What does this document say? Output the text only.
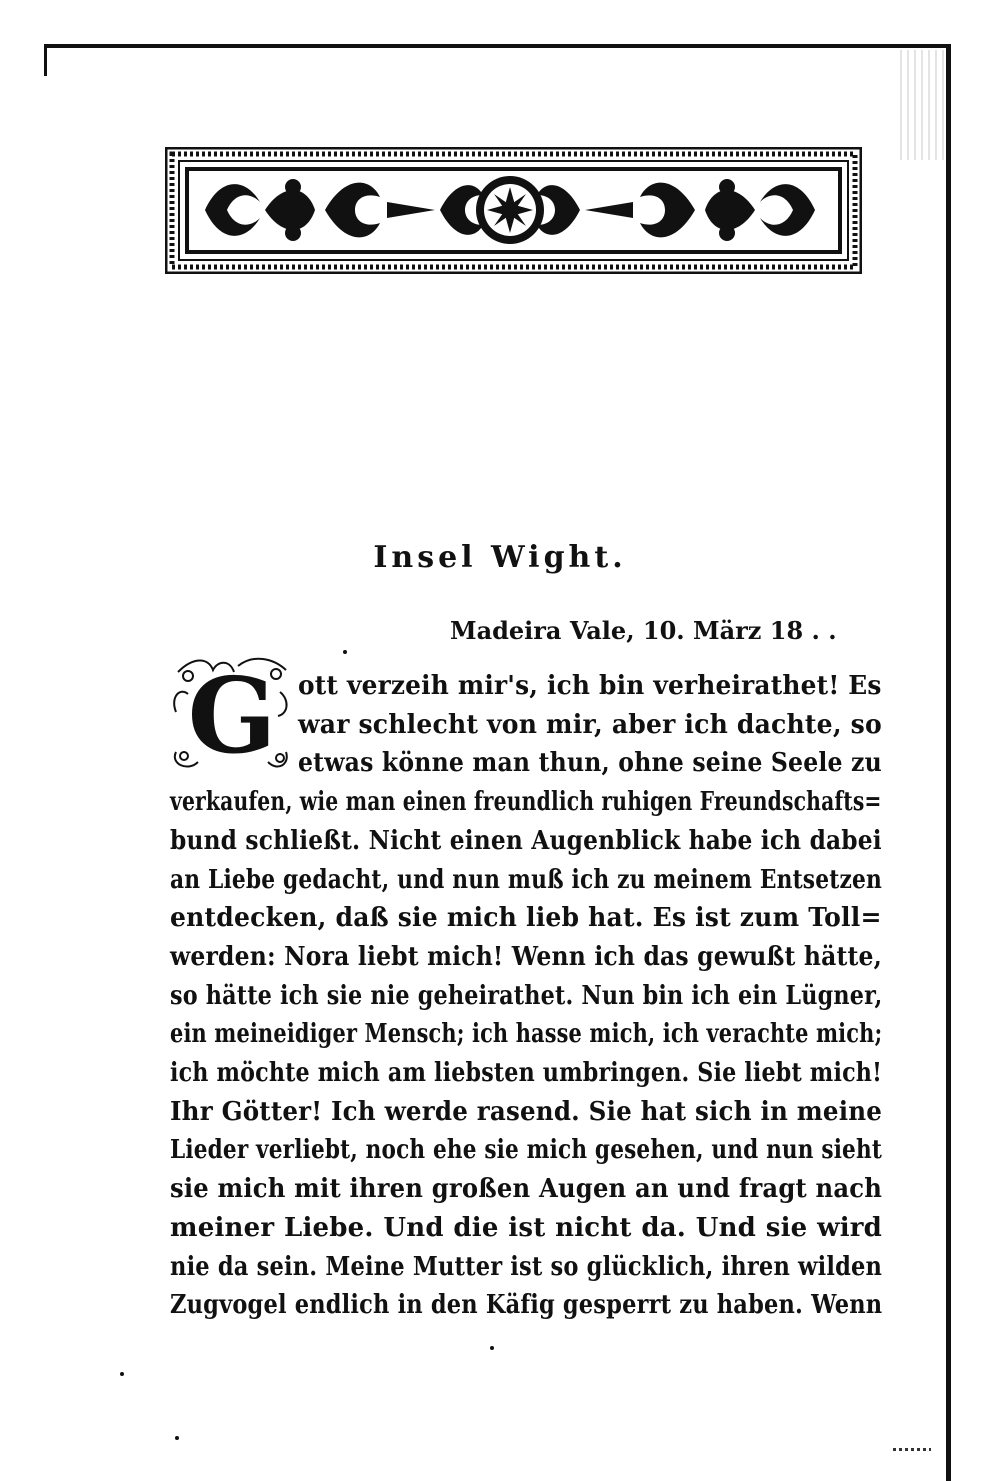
Insel Wight.
Madeira Vale, 10. März 18 . .
G ott verzeih mir's, ich bin verheirathet! Es
war schlecht von mir, aber ich dachte, so
etwas könne man thun, ohne seine Seele zu
verkaufen, wie man einen freundlich ruhigen Freundschafts=
bund schließt. Nicht einen Augenblick habe ich dabei
an Liebe gedacht, und nun muß ich zu meinem Entsetzen
entdecken, daß sie mich lieb hat. Es ist zum Toll=
werden: Nora liebt mich! Wenn ich das gewußt hätte,
so hätte ich sie nie geheirathet. Nun bin ich ein Lügner,
ein meineidiger Mensch; ich hasse mich, ich verachte mich;
ich möchte mich am liebsten umbringen. Sie liebt mich!
Ihr Götter! Ich werde rasend. Sie hat sich in meine
Lieder verliebt, noch ehe sie mich gesehen, und nun sieht
sie mich mit ihren großen Augen an und fragt nach
meiner Liebe. Und die ist nicht da. Und sie wird
nie da sein. Meine Mutter ist so glücklich, ihren wilden
Zugvogel endlich in den Käfig gesperrt zu haben. Wenn
